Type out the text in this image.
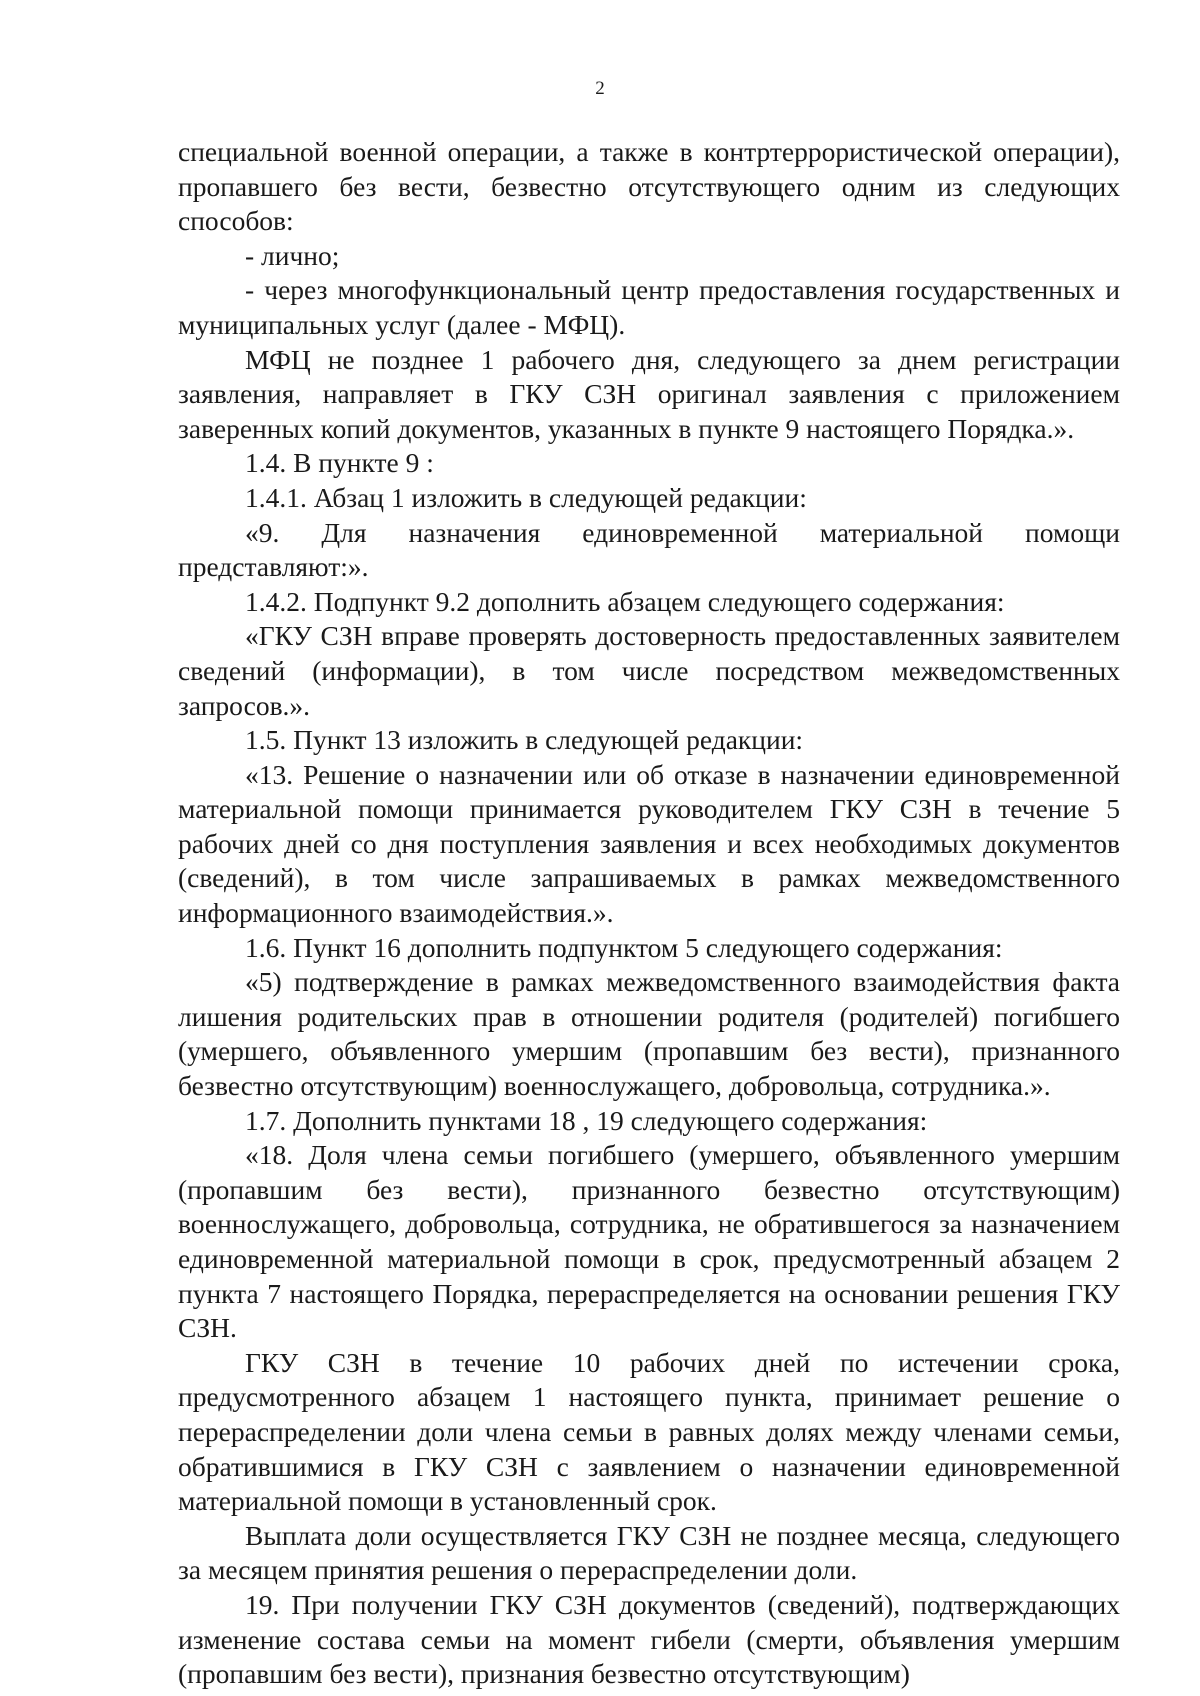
2

специальной военной операции, а также в контртеррористической операции), пропавшего без вести, безвестно отсутствующего одним из следующих способов:

- лично;

- через многофункциональный центр предоставления государственных и муниципальных услуг (далее - МФЦ).

МФЦ не позднее 1 рабочего дня, следующего за днем регистрации заявления, направляет в ГКУ СЗН оригинал заявления с приложением заверенных копий документов, указанных в пункте 9 настоящего Порядка.».

1.4. В пункте 9 :

1.4.1. Абзац 1 изложить в следующей редакции:

«9. Для назначения единовременной материальной помощи представляют:».

1.4.2. Подпункт 9.2 дополнить абзацем следующего содержания:

«ГКУ СЗН вправе проверять достоверность предоставленных заявителем сведений (информации), в том числе посредством межведомственных запросов.».

1.5. Пункт 13 изложить в следующей редакции:

«13. Решение о назначении или об отказе в назначении единовременной материальной помощи принимается руководителем ГКУ СЗН в течение 5 рабочих дней со дня поступления заявления и всех необходимых документов (сведений), в том числе запрашиваемых в рамках межведомственного информационного взаимодействия.».

1.6. Пункт 16 дополнить подпунктом 5 следующего содержания:

«5) подтверждение в рамках межведомственного взаимодействия факта лишения родительских прав в отношении родителя (родителей) погибшего (умершего, объявленного умершим (пропавшим без вести), признанного безвестно отсутствующим) военнослужащего, добровольца, сотрудника.».

1.7. Дополнить пунктами 18 , 19 следующего содержания:

«18. Доля члена семьи погибшего (умершего, объявленного умершим (пропавшим без вести), признанного безвестно отсутствующим) военнослужащего, добровольца, сотрудника, не обратившегося за назначением единовременной материальной помощи в срок, предусмотренный абзацем 2 пункта 7 настоящего Порядка, перераспределяется на основании решения ГКУ СЗН.

ГКУ СЗН в течение 10 рабочих дней по истечении срока, предусмотренного абзацем 1 настоящего пункта, принимает решение о перераспределении доли члена семьи в равных долях между членами семьи, обратившимися в ГКУ СЗН с заявлением о назначении единовременной материальной помощи в установленный срок.

Выплата доли осуществляется ГКУ СЗН не позднее месяца, следующего за месяцем принятия решения о перераспределении доли.

19. При получении ГКУ СЗН документов (сведений), подтверждающих изменение состава семьи на момент гибели (смерти, объявления умершим (пропавшим без вести), признания безвестно отсутствующим)
